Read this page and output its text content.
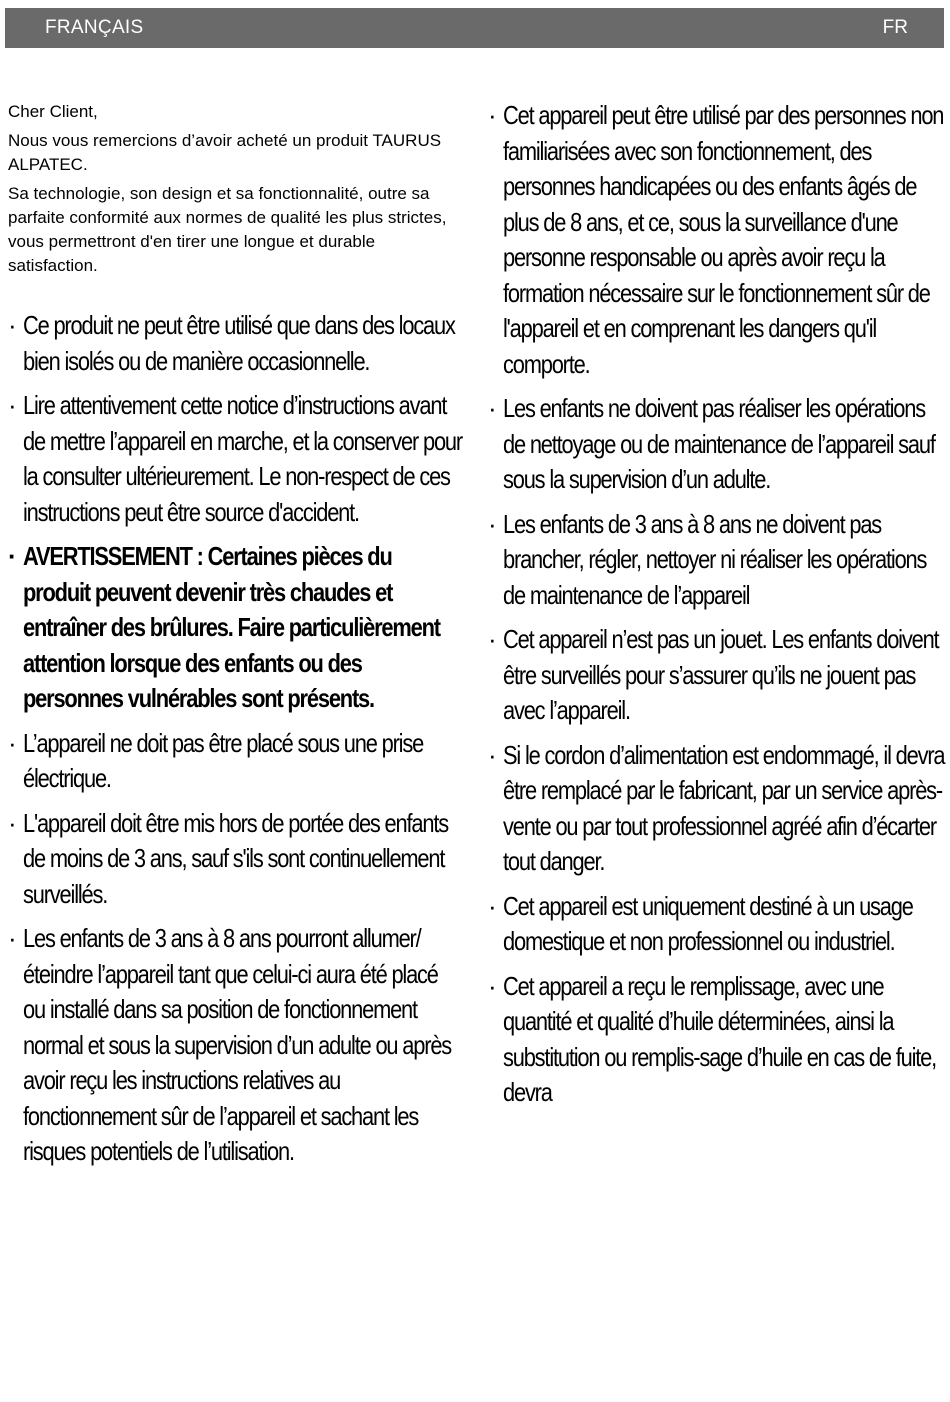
FRANÇAIS	FR

Cher Client,

Nous vous remercions d’avoir acheté un produit TAURUS ALPATEC.

Sa technologie, son design et sa fonctionnalité, outre sa parfaite conformité aux normes de qualité les plus strictes, vous permettront d'en tirer une longue et durable satisfaction.

· Ce produit ne peut être utilisé que dans des locaux bien isolés ou de manière occasionnelle.
· Lire attentivement cette notice d’instructions avant de mettre l’appareil en marche, et la conserver pour la consulter ultérieurement. Le non-respect de ces instructions peut être source d'accident.
· AVERTISSEMENT : Certaines pièces du produit peuvent devenir très chaudes et entraîner des brûlures. Faire particulièrement attention lorsque des enfants ou des personnes vulnérables sont présents.
· L’appareil ne doit pas être placé sous une prise électrique.
· L'appareil doit être mis hors de portée des enfants de moins de 3 ans, sauf s'ils sont continuellement surveillés.
· Les enfants de 3 ans à 8 ans pourront allumer/éteindre l’appareil tant que celui-ci aura été placé ou installé dans sa position de fonctionnement normal et sous la supervision d’un adulte ou après avoir reçu les instructions relatives au fonctionnement sûr de l’appareil et sachant les risques potentiels de l’utilisation.
· Cet appareil peut être utilisé par des personnes non familiarisées avec son fonctionnement, des personnes handicapées ou des enfants âgés de plus de 8 ans, et ce, sous la surveillance d'une personne responsable ou après avoir reçu la formation nécessaire sur le fonctionnement sûr de l'appareil et en comprenant les dangers qu'il comporte.
· Les enfants ne doivent pas réaliser les opérations de nettoyage ou de maintenance de l’appareil sauf sous la supervision d’un adulte.
· Les enfants de 3 ans à 8 ans ne doivent pas brancher, régler, nettoyer ni réaliser les opérations de maintenance de l’appareil
· Cet appareil n’est pas un jouet. Les enfants doivent être surveillés pour s’assurer qu’ils ne jouent pas avec l’appareil.
· Si le cordon d’alimentation est endommagé, il devra être remplacé par le fabricant, par un service après-vente ou par tout professionnel agréé afin d’écarter tout danger.
· Cet appareil est uniquement destiné à un usage domestique et non professionnel ou industriel.
· Cet appareil a reçu le remplissage, avec une quantité et qualité d’huile déterminées, ainsi la substitution ou remplis-sage d’huile en cas de fuite, devra
